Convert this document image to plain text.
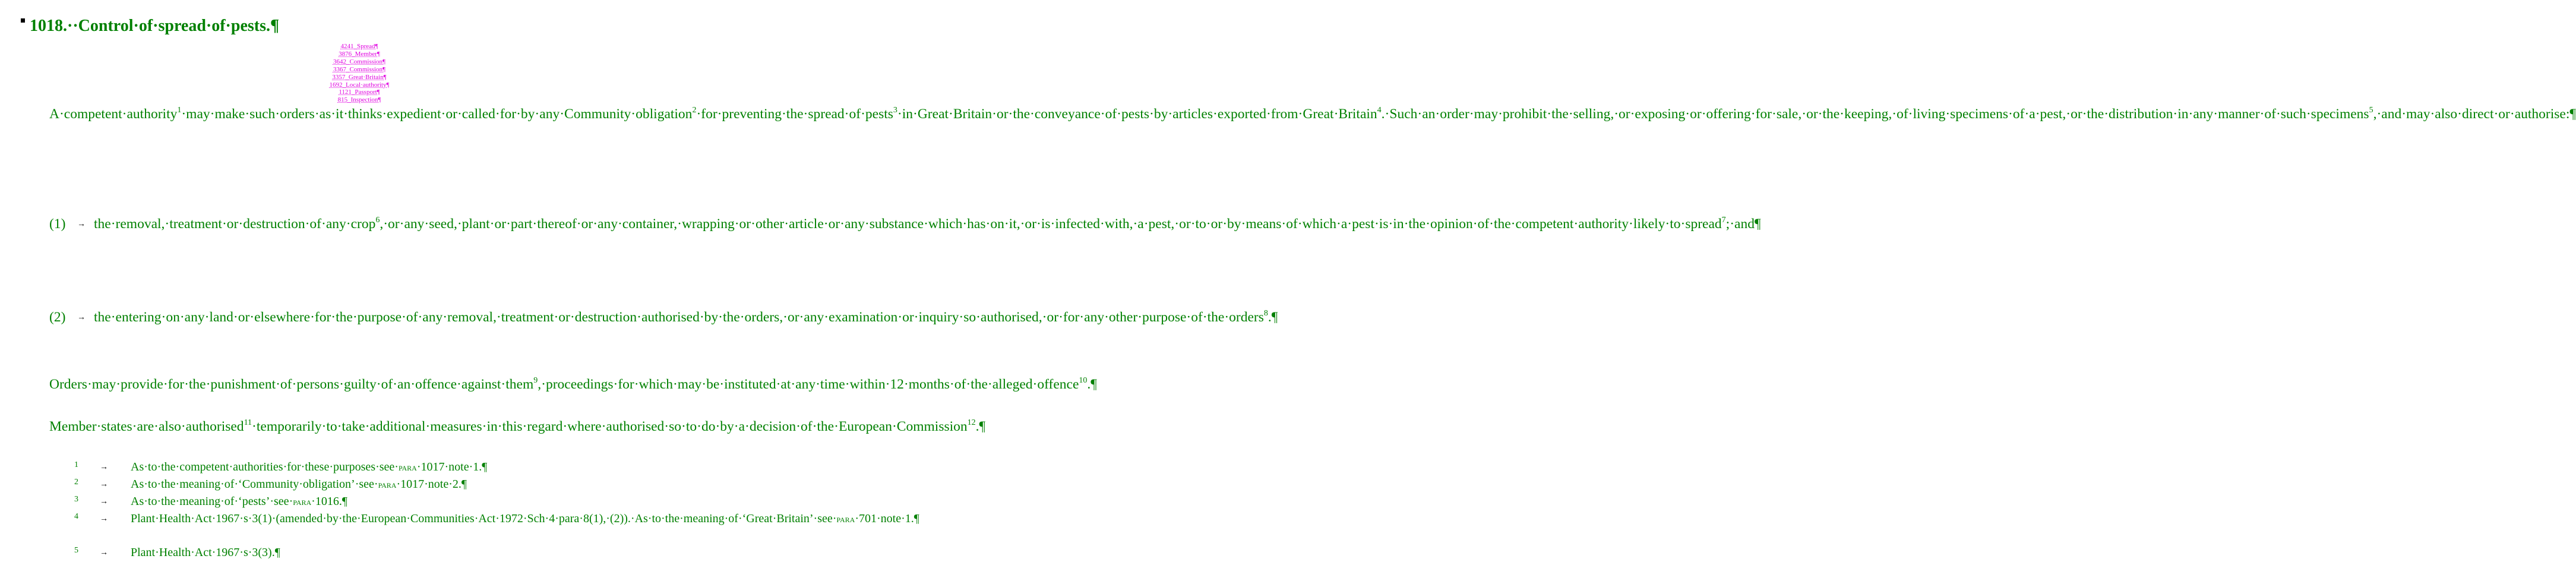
1018.··Control·of·spread·of·pests.¶
4241_Spread¶
3876_Member¶
3642_Commission¶
3367_Commission¶
3357_Great·Britain¶
1692_Local·authority¶
1121_Passport¶
815_Inspection¶

A·competent·authority$^1$·may·make·such·orders·as·it·thinks·expedient·or·called·for·by·any·Community·obligation$^2$·for·preventing·the·spread·of·pests$^3$·in·Great·Britain·or·the·conveyance·of·pests·by·articles·exported·from·Great·Britain$^4$.·Such·an·order·may·prohibit·the·selling,·or·exposing·or·offering·for·sale,·or·the·keeping,·of·living·specimens·of·a·pest,·or·the·distribution·in·any·manner·of·such·specimens$^5$,·and·may·also·direct·or·authorise:¶

(1) → the·removal,·treatment·or·destruction·of·any·crop$^6$,·or·any·seed,·plant·or·part·thereof·or·any·container,·wrapping·or·other·article·or·any·substance·which·has·on·it,·or·is·infected·with,·a·pest,·or·to·or·by·means·of·which·a·pest·is·in·the·opinion·of·the·competent·authority·likely·to·spread$^7$;·and¶
(2) → the·entering·on·any·land·or·elsewhere·for·the·purpose·of·any·removal,·treatment·or·destruction·authorised·by·the·orders,·or·any·examination·or·inquiry·so·authorised,·or·for·any·other·purpose·of·the·orders$^8$.¶

Orders·may·provide·for·the·punishment·of·persons·guilty·of·an·offence·against·them$^9$,·proceedings·for·which·may·be·instituted·at·any·time·within·12·months·of·the·alleged·offence$^{10}$.¶

Member·states·are·also·authorised$^{11}$·temporarily·to·take·additional·measures·in·this·regard·where·authorised·so·to·do·by·a·decision·of·the·European·Commission$^{12}$.¶

1	→ As·to·the·competent·authorities·for·these·purposes·see·para·1017·note·1.¶
2	→ As·to·the·meaning·of·‘Community·obligation’·see·para·1017·note·2.¶
3	→ As·to·the·meaning·of·‘pests’·see·para·1016.¶
4	→ Plant·Health·Act·1967·s·3(1)·(amended·by·the·European·Communities·Act·1972·Sch·4·para·8(1),·(2)).·As·to·the·meaning·of·‘Great·Britain’·see·para·701·note·1.¶
5	→ Plant·Health·Act·1967·s·3(3).¶
